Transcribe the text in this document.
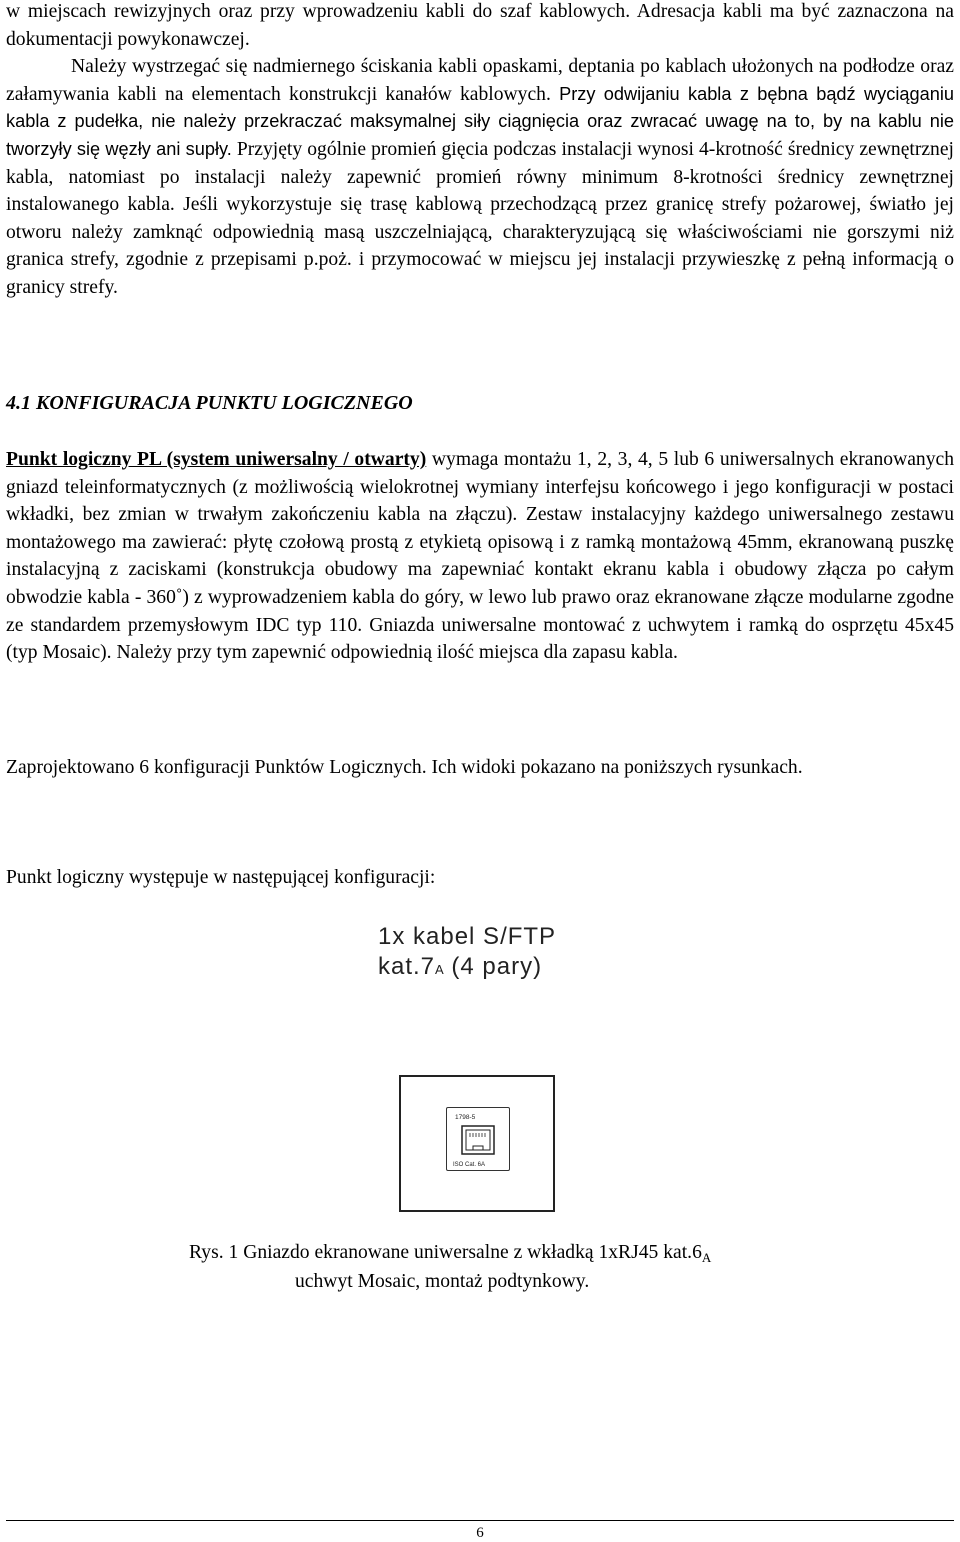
w miejscach rewizyjnych oraz przy wprowadzeniu kabli do szaf kablowych. Adresacja kabli ma być zaznaczona na dokumentacji powykonawczej.

Należy wystrzegać się nadmiernego ściskania kabli opaskami, deptania po kablach ułożonych na podłodze oraz załamywania kabli na elementach konstrukcji kanałów kablowych. Przy odwijaniu kabla z bębna bądź wyciąganiu kabla z pudełka, nie należy przekraczać maksymalnej siły ciągnięcia oraz zwracać uwagę na to, by na kablu nie tworzyły się węzły ani supły. Przyjęty ogólnie promień gięcia podczas instalacji wynosi 4-krotność średnicy zewnętrznej kabla, natomiast po instalacji należy zapewnić promień równy minimum 8-krotności średnicy zewnętrznej instalowanego kabla. Jeśli wykorzystuje się trasę kablową przechodzącą przez granicę strefy pożarowej, światło jej otworu należy zamknąć odpowiednią masą uszczelniającą, charakteryzującą się właściwościami nie gorszymi niż granica strefy, zgodnie z przepisami p.poż. i przymocować w miejscu jej instalacji przywieszkę z pełną informacją o granicy strefy.

4.1 KONFIGURACJA PUNKTU LOGICZNEGO

Punkt logiczny PL (system uniwersalny / otwarty) wymaga montażu 1, 2, 3, 4, 5 lub 6 uniwersalnych ekranowanych gniazd teleinformatycznych (z możliwością wielokrotnej wymiany interfejsu końcowego i jego konfiguracji w postaci wkładki, bez zmian w trwałym zakończeniu kabla na złączu). Zestaw instalacyjny każdego uniwersalnego zestawu montażowego ma zawierać: płytę czołową prostą z etykietą opisową i z ramką montażową 45mm, ekranowaną puszkę instalacyjną z zaciskami (konstrukcja obudowy ma zapewniać kontakt ekranu kabla i obudowy złącza po całym obwodzie kabla - 360˚) z wyprowadzeniem kabla do góry, w lewo lub prawo oraz ekranowane złącze modularne zgodne ze standardem przemysłowym IDC typ 110. Gniazda uniwersalne montować z uchwytem i ramką do osprzętu 45x45 (typ Mosaic). Należy przy tym zapewnić odpowiednią ilość miejsca dla zapasu kabla.

Zaprojektowano 6 konfiguracji Punktów Logicznych. Ich widoki pokazano na poniższych rysunkach.

Punkt logiczny występuje w następującej konfiguracji:

1x kabel S/FTP
kat.7A (4 pary)
1798-5
ISO Cat. 6A

Rys. 1 Gniazdo ekranowane uniwersalne z wkładką 1xRJ45 $kat.6_A$
uchwyt Mosaic, montaż podtynkowy.

6
